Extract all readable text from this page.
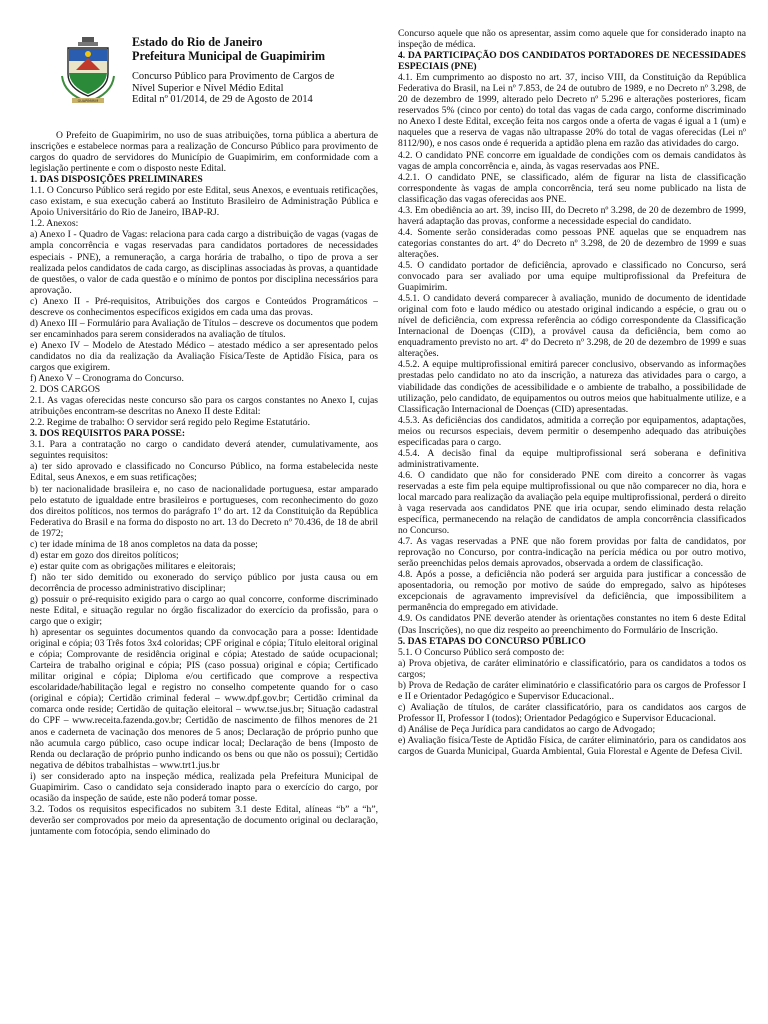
GUAPIMIRIM

Estado do Rio de Janeiro

Prefeitura Municipal de Guapimirim

Concurso Público para Provimento de Cargos de

Nível Superior e Nível Médio Edital

Edital nº 01/2014, de 29 de Agosto de 2014

O Prefeito de Guapimirim, no uso de suas atribuições, torna pública a abertura de inscrições e estabelece normas para a realização de Concurso Público para provimento de cargos do quadro de servidores do Município de Guapimirim, em conformidade com a legislação pertinente e com o disposto neste Edital.

1. DAS DISPOSIÇÕES PRELIMINARES

1.1. O Concurso Público será regido por este Edital, seus Anexos, e eventuais retificações, caso existam, e sua execução caberá ao Instituto Brasileiro de Administração Pública e Apoio Universitário do Rio de Janeiro, IBAP-RJ.

1.2. Anexos:

a) Anexo I - Quadro de Vagas: relaciona para cada cargo a distribuição de vagas (vagas de ampla concorrência e vagas reservadas para candidatos portadores de necessidades especiais - PNE), a remuneração, a carga horária de trabalho, o tipo de prova a ser realizada pelos candidatos de cada cargo, as disciplinas associadas às provas, a quantidade de questões, o valor de cada questão e o mínimo de pontos por disciplina necessários para aprovação.

c) Anexo II - Pré-requisitos, Atribuições dos cargos e Conteúdos Programáticos – descreve os conhecimentos específicos exigidos em cada uma das provas.

d) Anexo III – Formulário para Avaliação de Títulos – descreve os documentos que podem ser encaminhados para serem considerados na avaliação de títulos.

e) Anexo IV – Modelo de Atestado Médico – atestado médico a ser apresentado pelos candidatos no dia da realização da Avaliação Física/Teste de Aptidão Física, para os cargos que exigirem.

f) Anexo V – Cronograma do Concurso.

2. DOS CARGOS

2.1. As vagas oferecidas neste concurso são para os cargos constantes no Anexo I, cujas atribuições encontram-se descritas no Anexo II deste Edital:

2.2. Regime de trabalho: O servidor será regido pelo Regime Estatutário.

3. DOS REQUISITOS PARA POSSE:

3.1. Para a contratação no cargo o candidato deverá atender, cumulativamente, aos seguintes requisitos:

a) ter sido aprovado e classificado no Concurso Público, na forma estabelecida neste Edital, seus Anexos, e em suas retificações;

b) ter nacionalidade brasileira e, no caso de nacionalidade portuguesa, estar amparado pelo estatuto de igualdade entre brasileiros e portugueses, com reconhecimento do gozo dos direitos políticos, nos termos do parágrafo 1º do art. 12 da Constituição da República Federativa do Brasil e na forma do disposto no art. 13 do Decreto nº 70.436, de 18 de abril de 1972;

c) ter idade mínima de 18 anos completos na data da posse;

d) estar em gozo dos direitos políticos;

e) estar quite com as obrigações militares e eleitorais;

f) não ter sido demitido ou exonerado do serviço público por justa causa ou em decorrência de processo administrativo disciplinar;

g) possuir o pré-requisito exigido para o cargo ao qual concorre, conforme discriminado neste Edital, e situação regular no órgão fiscalizador do exercício da profissão, para o cargo que o exigir;

h) apresentar os seguintes documentos quando da convocação para a posse: Identidade original e cópia; 03 Três fotos 3x4 coloridas; CPF original e cópia; Título eleitoral original e cópia; Comprovante de residência original e cópia; Atestado de saúde ocupacional; Carteira de trabalho original e cópia; PIS (caso possua) original e cópia; Certificado militar original e cópia; Diploma e/ou certificado que comprove a respectiva escolaridade/habilitação legal e registro no conselho competente quando for o caso (original e cópia); Certidão criminal federal – www.dpf.gov.br; Certidão criminal da comarca onde reside; Certidão de quitação eleitoral – www.tse.jus.br; Situação cadastral do CPF – www.receita.fazenda.gov.br; Certidão de nascimento de filhos menores de 21 anos e caderneta de vacinação dos menores de 5 anos; Declaração de próprio punho que não acumula cargo público, caso ocupe indicar local; Declaração de bens (Imposto de Renda ou declaração de próprio punho indicando os bens ou que não os possui); Certidão negativa de débitos trabalhistas – www.trt1.jus.br

i) ser considerado apto na inspeção médica, realizada pela Prefeitura Municipal de Guapimirim. Caso o candidato seja considerado inapto para o exercício do cargo, por ocasião da inspeção de saúde, este não poderá tomar posse.

3.2. Todos os requisitos especificados no subitem 3.1 deste Edital, alíneas “b” a “h”, deverão ser comprovados por meio da apresentação de documento original ou declaração, juntamente com fotocópia, sendo eliminado do

Concurso aquele que não os apresentar, assim como aquele que for considerado inapto na inspeção de médica.

4. DA PARTICIPAÇÃO DOS CANDIDATOS PORTADORES DE NECESSIDADES ESPECIAIS (PNE)

4.1. Em cumprimento ao disposto no art. 37, inciso VIII, da Constituição da República Federativa do Brasil, na Lei nº 7.853, de 24 de outubro de 1989, e no Decreto nº 3.298, de 20 de dezembro de 1999, alterado pelo Decreto nº 5.296 e alterações posteriores, ficam reservados 5% (cinco por cento) do total das vagas de cada cargo, conforme discriminado no Anexo I deste Edital, exceção feita nos cargos onde a oferta de vagas é igual a 1 (um) e naqueles que a reserva de vagas não ultrapasse 20% do total de vagas oferecidas (Lei nº 8112/90), e nos casos onde é requerida a aptidão plena em razão das atividades do cargo.

4.2. O candidato PNE concorre em igualdade de condições com os demais candidatos às vagas de ampla concorrência e, ainda, às vagas reservadas aos PNE.

4.2.1. O candidato PNE, se classificado, além de figurar na lista de classificação correspondente às vagas de ampla concorrência, terá seu nome publicado na lista de classificação das vagas oferecidas aos PNE.

4.3. Em obediência ao art. 39, inciso III, do Decreto nº 3.298, de 20 de dezembro de 1999, haverá adaptação das provas, conforme a necessidade especial do candidato.

4.4. Somente serão consideradas como pessoas PNE aquelas que se enquadrem nas categorias constantes do art. 4º do Decreto nº 3.298, de 20 de dezembro de 1999 e suas alterações.

4.5. O candidato portador de deficiência, aprovado e classificado no Concurso, será convocado para ser avaliado por uma equipe multiprofissional da Prefeitura de Guapimirim.

4.5.1. O candidato deverá comparecer à avaliação, munido de documento de identidade original com foto e laudo médico ou atestado original indicando a espécie, o grau ou o nível de deficiência, com expressa referência ao código correspondente da Classificação Internacional de Doenças (CID), a provável causa da deficiência, bem como ao enquadramento previsto no art. 4º do Decreto nº 3.298, de 20 de dezembro de 1999 e suas alterações.

4.5.2. A equipe multiprofissional emitirá parecer conclusivo, observando as informações prestadas pelo candidato no ato da inscrição, a natureza das atividades para o cargo, a viabilidade das condições de acessibilidade e o ambiente de trabalho, a possibilidade de utilização, pelo candidato, de equipamentos ou outros meios que habitualmente utilize, e a Classificação Internacional de Doenças (CID) apresentadas.

4.5.3. As deficiências dos candidatos, admitida a correção por equipamentos, adaptações, meios ou recursos especiais, devem permitir o desempenho adequado das atribuições especificadas para o cargo.

4.5.4. A decisão final da equipe multiprofissional será soberana e definitiva administrativamente.

4.6. O candidato que não for considerado PNE com direito a concorrer às vagas reservadas a este fim pela equipe multiprofissional ou que não comparecer no dia, hora e local marcado para realização da avaliação pela equipe multiprofissional, perderá o direito à vaga reservada aos candidatos PNE que iria ocupar, sendo eliminado desta relação específica, permanecendo na relação de candidatos de ampla concorrência classificados no Concurso.

4.7. As vagas reservadas a PNE que não forem providas por falta de candidatos, por reprovação no Concurso, por contra-indicação na perícia médica ou por outro motivo, serão preenchidas pelos demais aprovados, observada a ordem de classificação.

4.8. Após a posse, a deficiência não poderá ser arguida para justificar a concessão de aposentadoria, ou remoção por motivo de saúde do empregado, salvo as hipóteses excepcionais de agravamento imprevisível da deficiência, que impossibilitem a permanência do empregado em atividade.

4.9. Os candidatos PNE deverão atender às orientações constantes no item 6 deste Edital (Das Inscrições), no que diz respeito ao preenchimento do Formulário de Inscrição.

5. DAS ETAPAS DO CONCURSO PÚBLICO

5.1. O Concurso Público será composto de:

a) Prova objetiva, de caráter eliminatório e classificatório, para os candidatos a todos os cargos;

b) Prova de Redação de caráter eliminatório e classificatório para os cargos de Professor I e II e Orientador Pedagógico e Supervisor Educacional..

c) Avaliação de títulos, de caráter classificatório, para os candidatos aos cargos de Professor II, Professor I (todos); Orientador Pedagógico e Supervisor Educacional.

d) Análise de Peça Jurídica para candidatos ao cargo de Advogado;

e) Avaliação física/Teste de Aptidão Física, de caráter eliminatório, para os candidatos aos cargos de Guarda Municipal, Guarda Ambiental, Guia Florestal e Agente de Defesa Civil.
